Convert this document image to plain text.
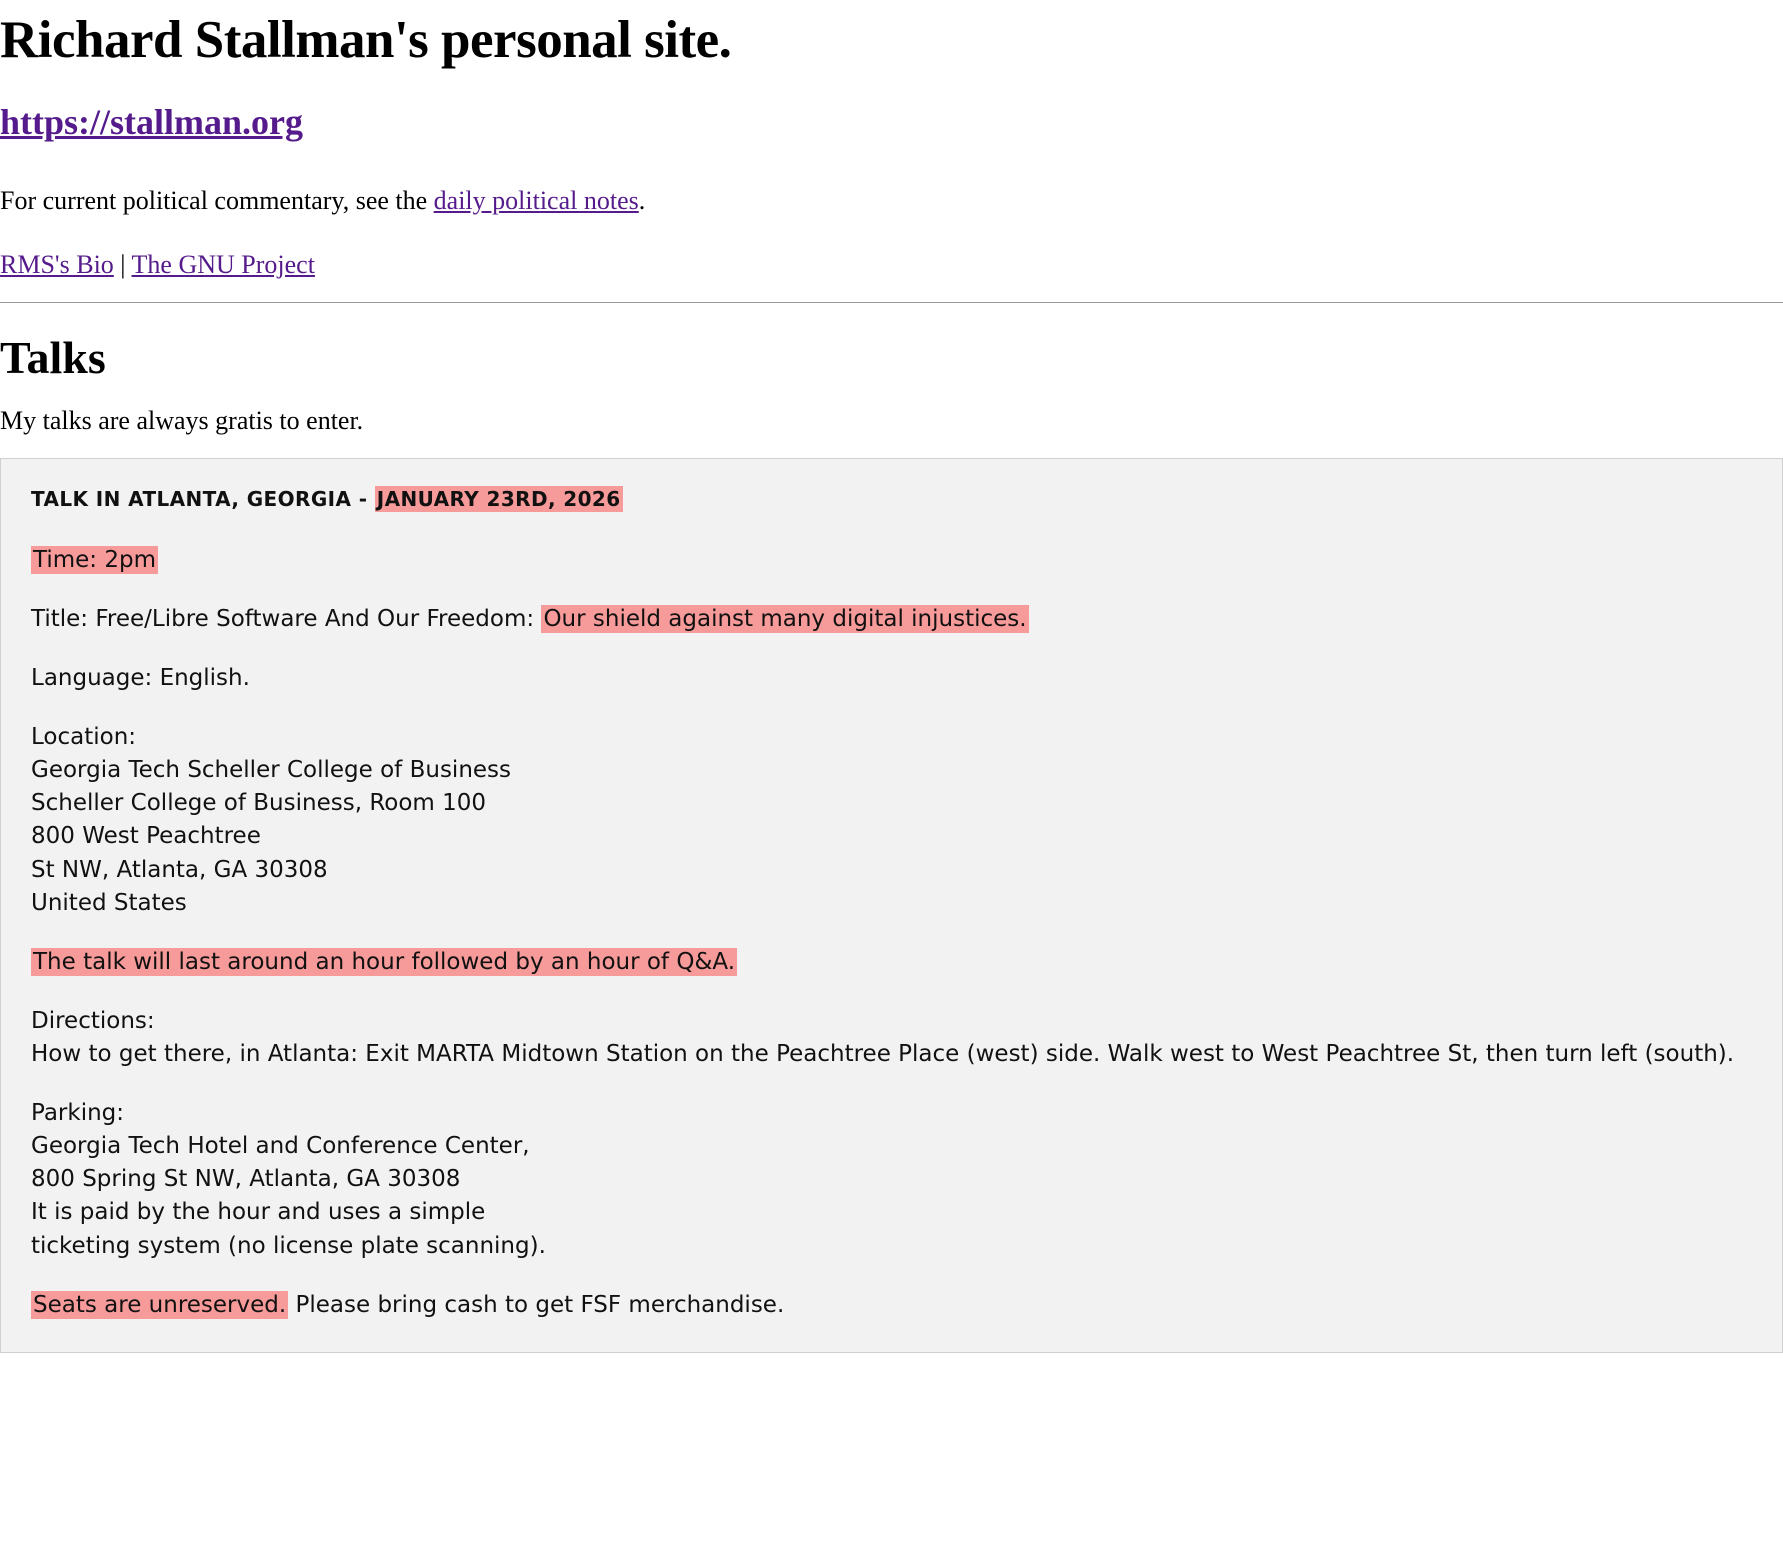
Richard Stallman's personal site.
https://stallman.org

For current political commentary, see the daily political notes.

RMS's Bio | The GNU Project

Talks

My talks are always gratis to enter.

TALK IN ATLANTA, GEORGIA - JANUARY 23RD, 2026
Time: 2pm
Title: Free/Libre Software And Our Freedom: Our shield against many digital injustices.
Language: English.
Location:
Georgia Tech Scheller College of Business
Scheller College of Business, Room 100
800 West Peachtree
St NW, Atlanta, GA 30308
United States
The talk will last around an hour followed by an hour of Q&A.
Directions:
How to get there, in Atlanta: Exit MARTA Midtown Station on the Peachtree Place (west) side. Walk west to West Peachtree St, then turn left (south).
Parking:
Georgia Tech Hotel and Conference Center,
800 Spring St NW, Atlanta, GA 30308
It is paid by the hour and uses a simple
ticketing system (no license plate scanning).
Seats are unreserved. Please bring cash to get FSF merchandise.
